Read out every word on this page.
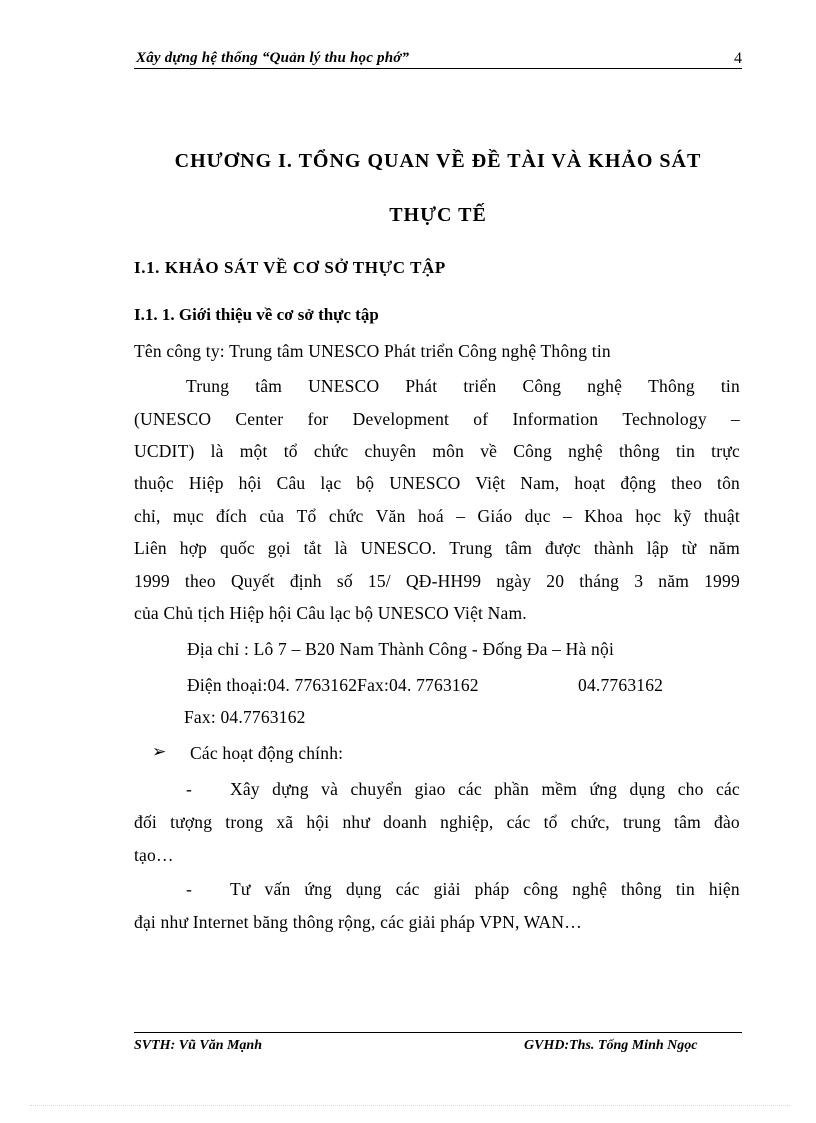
Xây dựng hệ thống “Quản lý thu học phớ”	4
CHƯƠNG I. TỔNG QUAN VỀ ĐỀ TÀI VÀ KHẢO SÁT
THỰC TẾ
I.1. KHẢO SÁT VỀ CƠ SỞ THỰC TẬP
I.1. 1. Giới thiệu về cơ sở thực tập
Tên công ty: Trung tâm UNESCO Phát triển Công nghệ Thông tin
Trung tâm UNESCO Phát triển Công nghệ Thông tin
(UNESCO Center for Development of Information Technology –
UCDIT) là một tổ chức chuyên môn về Công nghệ thông tin trực
thuộc Hiệp hội Câu lạc bộ UNESCO Việt Nam, hoạt động theo tôn
chỉ, mục đích của Tổ chức Văn hoá – Giáo dục – Khoa học kỹ thuật
Liên hợp quốc gọi tắt là UNESCO. Trung tâm được thành lập từ năm
1999 theo Quyết định số 15/ QĐ-HH99 ngày 20 tháng 3 năm 1999
của Chủ tịch Hiệp hội Câu lạc bộ UNESCO Việt Nam.
Địa chỉ : Lô 7 – B20 Nam Thành Công - Đống Đa – Hà nội
Điện thoại:04. 7763162Fax:04. 7763162	04.7763162
Fax: 04.7763162
➢ Các hoạt động chính:
- Xây dựng và chuyển giao các phần mềm ứng dụng cho các
đối tượng trong xã hội như doanh nghiệp, các tổ chức, trung tâm đào
tạo…
- Tư vấn ứng dụng các giải pháp công nghệ thông tin hiện
đại như Internet băng thông rộng, các giải pháp VPN, WAN…
SVTH: Vũ Văn Mạnh	GVHD:Ths. Tống Minh Ngọc
